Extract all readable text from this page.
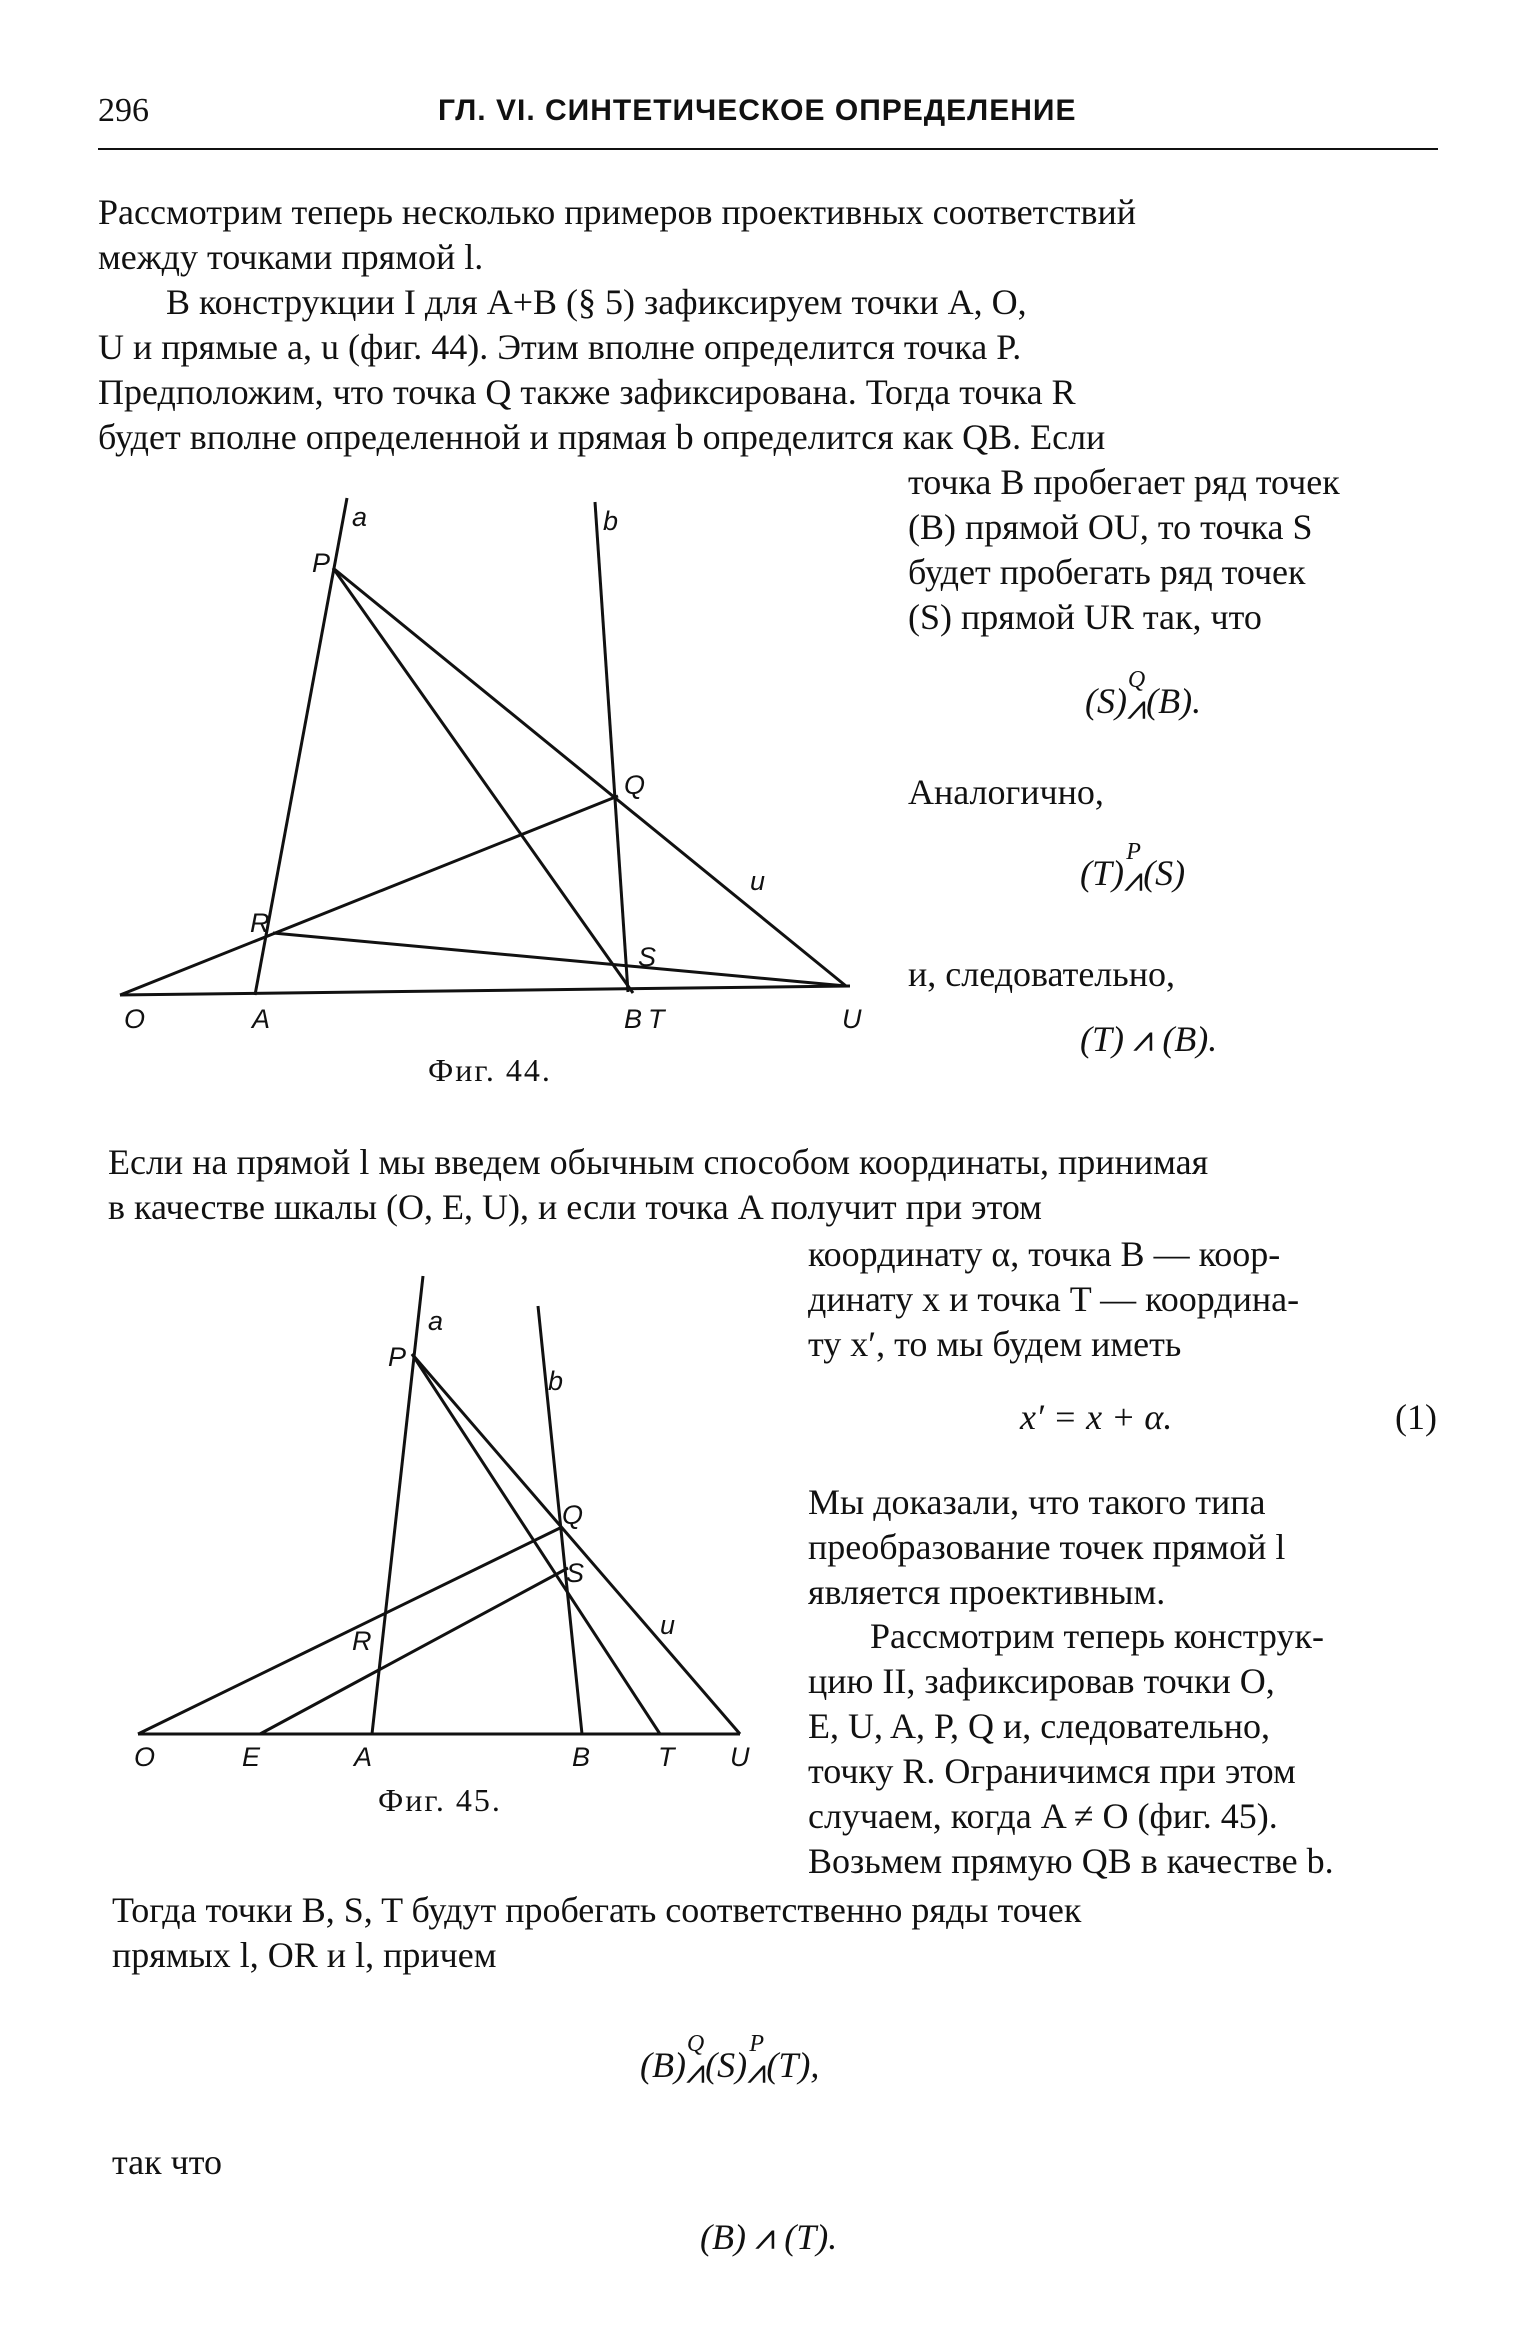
296	ГЛ. VI. СИНТЕТИЧЕСКОЕ ОПРЕДЕЛЕНИЕ
Рассмотрим теперь несколько примеров проективных соответствий
между точками прямой l.
В конструкции I для A+B (§ 5) зафиксируем точки A, O,
U и прямые a, u (фиг. 44). Этим вполне определится точка P.
Предположим, что точка Q также зафиксирована. Тогда точка R
будет вполне определенной и прямая b определится как QB. Если
точка B пробегает ряд точек
(B) прямой OU, то точка S
будет пробегать ряд точек
(S) прямой UR так, что
(S)
Q
⩘ (B).
Аналогично,
(T)
P
⩘ (S)
и, следовательно,
(T) ⩘ (B).
a	b
P
Q
R
S
u
O	A	B T	U
Фиг. 44.
Если на прямой l мы введем обычным способом координаты, принимая
в качестве шкалы (O, E, U), и если точка A получит при этом
координату α, точка B — коор-
динату x и точка T — координа-
ту x′, то мы будем иметь
x′ = x + α.	(1)
Мы доказали, что такого типа
преобразование точек прямой l
является проективным.
Рассмотрим теперь конструк-
цию II, зафиксировав точки O,
E, U, A, P, Q и, следовательно,
точку R. Ограничимся при этом
случаем, когда A ≠ O (фиг. 45).
Возьмем прямую QB в качестве b.
a
b
P
Q
S
R
u
O	E	A	B	T U
Фиг. 45.
Тогда точки B, S, T будут пробегать соответственно ряды точек
прямых l, OR и l, причем
(B)
Q
⩘ (S)
P
⩘ (T),
так что
(B) ⩘ (T).
